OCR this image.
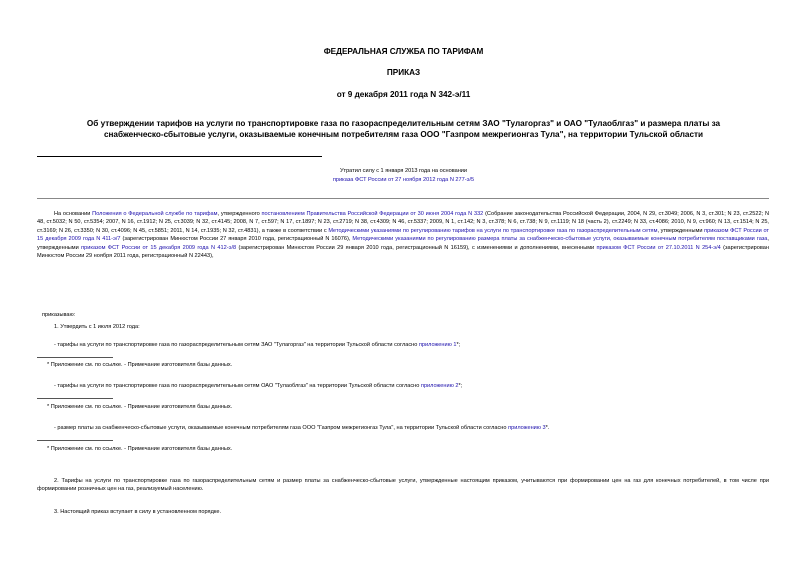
ФЕДЕРАЛЬНАЯ СЛУЖБА ПО ТАРИФАМ
ПРИКАЗ
от 9 декабря 2011 года N 342-э/11
Об утверждении тарифов на услуги по транспортировке газа по газораспределительным сетям ЗАО "Тулагоргаз" и ОАО "Тулаоблгаз" и размера платы за
снабженческо-сбытовые услуги, оказываемые конечным потребителям газа ООО "Газпром межрегионгаз Тула", на территории Тульской области
Утратил силу с 1 января 2013 года на основании
приказа ФСТ России от 27 ноября 2012 года N 277-э/5
На основании Положения о Федеральной службе по тарифам, утвержденного постановлением Правительства Российской Федерации от 30 июня 2004 года N 332 (Собрание законодательства Российской Федерации, 2004, N 29, ст.3049; 2006, N 3, ст.301; N 23, ст.2522; N 48, ст.5032; N 50, ст.5354; 2007, N 16, ст.1912; N 25, ст.3039; N 32, ст.4145; 2008, N 7, ст.597; N 17, ст.1897; N 23, ст.2719; N 38, ст.4309; N 46, ст.5337; 2009, N 1, ст.142; N 3, ст.378; N 6, ст.738; N 9, ст.1119; N 18 (часть 2), ст.2249; N 33, ст.4086; 2010, N 9, ст.960; N 13, ст.1514; N 25, ст.3169; N 26, ст.3350; N 30, ст.4096; N 45, ст.5851; 2011, N 14, ст.1935; N 32, ст.4831), а также в соответствии с Методическими указаниями по регулированию тарифов на услуги по транспортировке газа по газораспределительным сетям, утвержденными приказом ФСТ России от 15 декабря 2009 года N 411-э/7 (зарегистрирован Минюстом России 27 января 2010 года, регистрационный N 16076), Методическими указаниями по регулированию размера платы за снабженческо-сбытовые услуги, оказываемые конечным потребителям поставщиками газа, утвержденными приказом ФСТ России от 15 декабря 2009 года N 412-э/8 (зарегистрирован Минюстом России 29 января 2010 года, регистрационный N 16159), с изменениями и дополнениями, внесенными приказом ФСТ России от 27.10.2011 N 254-э/4 (зарегистрирован Минюстом России 29 ноября 2011 года, регистрационный N 22443),
приказываю:
1. Утвердить с 1 июля 2012 года:
- тарифы на услуги по транспортировке газа по газораспределительным сетям ЗАО "Тулагоргаз" на территории Тульской области согласно приложению 1*;
* Приложение см. по ссылке. - Примечание изготовителя базы данных.
- тарифы на услуги по транспортировке газа по газораспределительным сетям ОАО "Тулаоблгаз" на территории Тульской области согласно приложению 2*;
* Приложение см. по ссылке. - Примечание изготовителя базы данных.
- размер платы за снабженческо-сбытовые услуги, оказываемые конечным потребителям газа ООО "Газпром межрегионгаз Тула", на территории Тульской области согласно приложению 3*.
* Приложение см. по ссылке. - Примечание изготовителя базы данных.
2. Тарифы на услуги по транспортировке газа по газораспределительным сетям и размер платы за снабженческо-сбытовые услуги, утвержденные настоящим приказом, учитываются при формировании цен на газ для конечных потребителей, в том числе при формировании розничных цен на газ, реализуемый населению.
3. Настоящий приказ вступает в силу в установленном порядке.
